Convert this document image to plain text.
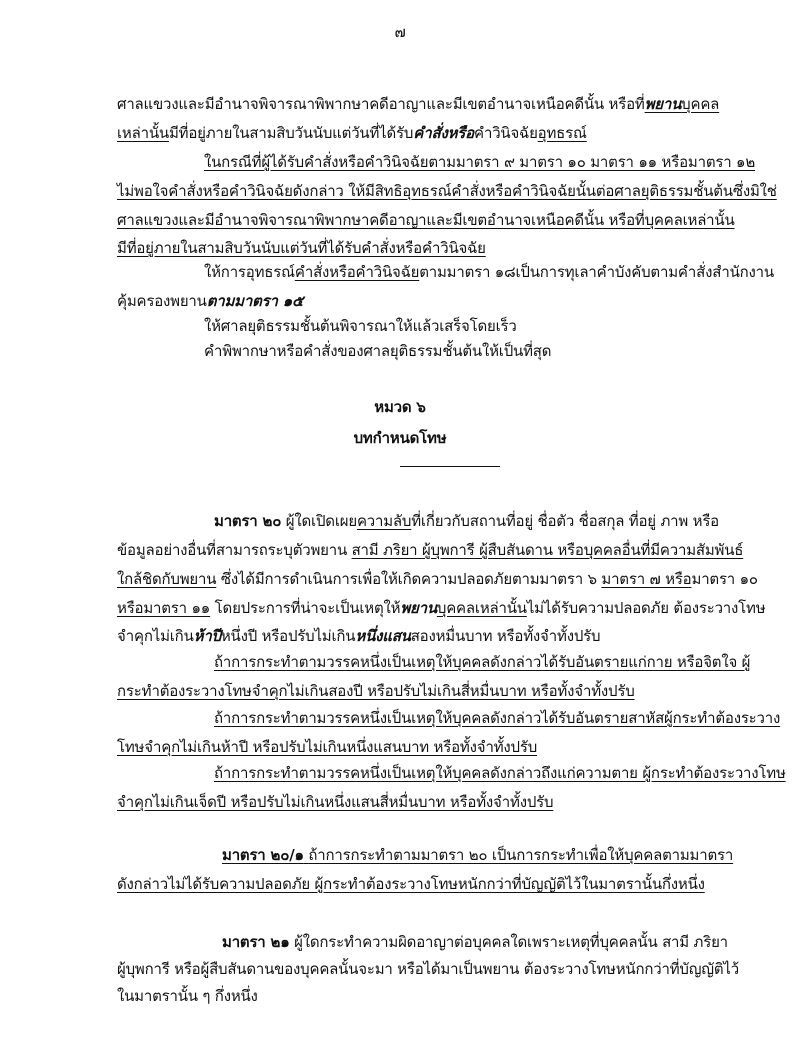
๗
ศาลแขวงและมีอำนาจพิจารณาพิพากษาคดีอาญาและมีเขตอำนาจเหนือคดีนั้น หรือที่พยานบุคคล
เหล่านั้นมีที่อยู่ภายในสามสิบวันนับแต่วันที่ได้รับคำสั่งหรือคำวินิจฉัยอุทธรณ์
ในกรณีที่ผู้ได้รับคำสั่งหรือคำวินิจฉัยตามมาตรา ๙ มาตรา ๑๐ มาตรา ๑๑ หรือมาตรา ๑๒
ไม่พอใจคำสั่งหรือคำวินิจฉัยดังกล่าว ให้มีสิทธิอุทธรณ์คำสั่งหรือคำวินิจฉัยนั้นต่อศาลยุติธรรมชั้นต้นซึ่งมิใช่
ศาลแขวงและมีอำนาจพิจารณาพิพากษาคดีอาญาและมีเขตอำนาจเหนือคดีนั้น หรือที่บุคคลเหล่านั้น
มีที่อยู่ภายในสามสิบวันนับแต่วันที่ได้รับคำสั่งหรือคำวินิจฉัย
ให้การอุทธรณ์คำสั่งหรือคำวินิจฉัยตามมาตรา ๑๘เป็นการทุเลาคำบังคับตามคำสั่งสำนักงาน
คุ้มครองพยานตามมาตรา ๑๕
ให้ศาลยุติธรรมชั้นต้นพิจารณาให้แล้วเสร็จโดยเร็ว
คำพิพากษาหรือคำสั่งของศาลยุติธรรมชั้นต้นให้เป็นที่สุด
หมวด ๖
บทกำหนดโทษ
มาตรา ๒๐ ผู้ใดเปิดเผยความลับที่เกี่ยวกับสถานที่อยู่ ชื่อตัว ชื่อสกุล ที่อยู่ ภาพ หรือ
ข้อมูลอย่างอื่นที่สามารถระบุตัวพยาน สามี ภริยา ผู้บุพการี ผู้สืบสันดาน หรือบุคคลอื่นที่มีความสัมพันธ์
ใกล้ชิดกับพยาน ซึ่งได้มีการดำเนินการเพื่อให้เกิดความปลอดภัยตามมาตรา ๖ มาตรา ๗ หรือมาตรา ๑๐
หรือมาตรา ๑๑ โดยประการที่น่าจะเป็นเหตุให้พยานบุคคลเหล่านั้นไม่ได้รับความปลอดภัย ต้องระวางโทษ
จำคุกไม่เกินห้าปีหนึ่งปี หรือปรับไม่เกินหนึ่งแสนสองหมื่นบาท หรือทั้งจำทั้งปรับ
ถ้าการกระทำตามวรรคหนึ่งเป็นเหตุให้บุคคลดังกล่าวได้รับอันตรายแก่กาย หรือจิตใจ ผู้
กระทำต้องระวางโทษจำคุกไม่เกินสองปี หรือปรับไม่เกินสี่หมื่นบาท หรือทั้งจำทั้งปรับ
ถ้าการกระทำตามวรรคหนึ่งเป็นเหตุให้บุคคลดังกล่าวได้รับอันตรายสาหัสผู้กระทำต้องระวาง
โทษจำคุกไม่เกินห้าปี หรือปรับไม่เกินหนึ่งแสนบาท หรือทั้งจำทั้งปรับ
ถ้าการกระทำตามวรรคหนึ่งเป็นเหตุให้บุคคลดังกล่าวถึงแก่ความตาย ผู้กระทำต้องระวางโทษ
จำคุกไม่เกินเจ็ดปี หรือปรับไม่เกินหนึ่งแสนสี่หมื่นบาท หรือทั้งจำทั้งปรับ
มาตรา ๒๐/๑ ถ้าการกระทำตามมาตรา ๒๐ เป็นการกระทำเพื่อให้บุคคลตามมาตรา
ดังกล่าวไม่ได้รับความปลอดภัย ผู้กระทำต้องระวางโทษหนักกว่าที่บัญญัติไว้ในมาตรานั้นกึ่งหนึ่ง
มาตรา ๒๑ ผู้ใดกระทำความผิดอาญาต่อบุคคลใดเพราะเหตุที่บุคคลนั้น สามี ภริยา
ผู้บุพการี หรือผู้สืบสันดานของบุคคลนั้นจะมา หรือได้มาเป็นพยาน ต้องระวางโทษหนักกว่าที่บัญญัติไว้
ในมาตรานั้น ๆ กึ่งหนึ่ง
